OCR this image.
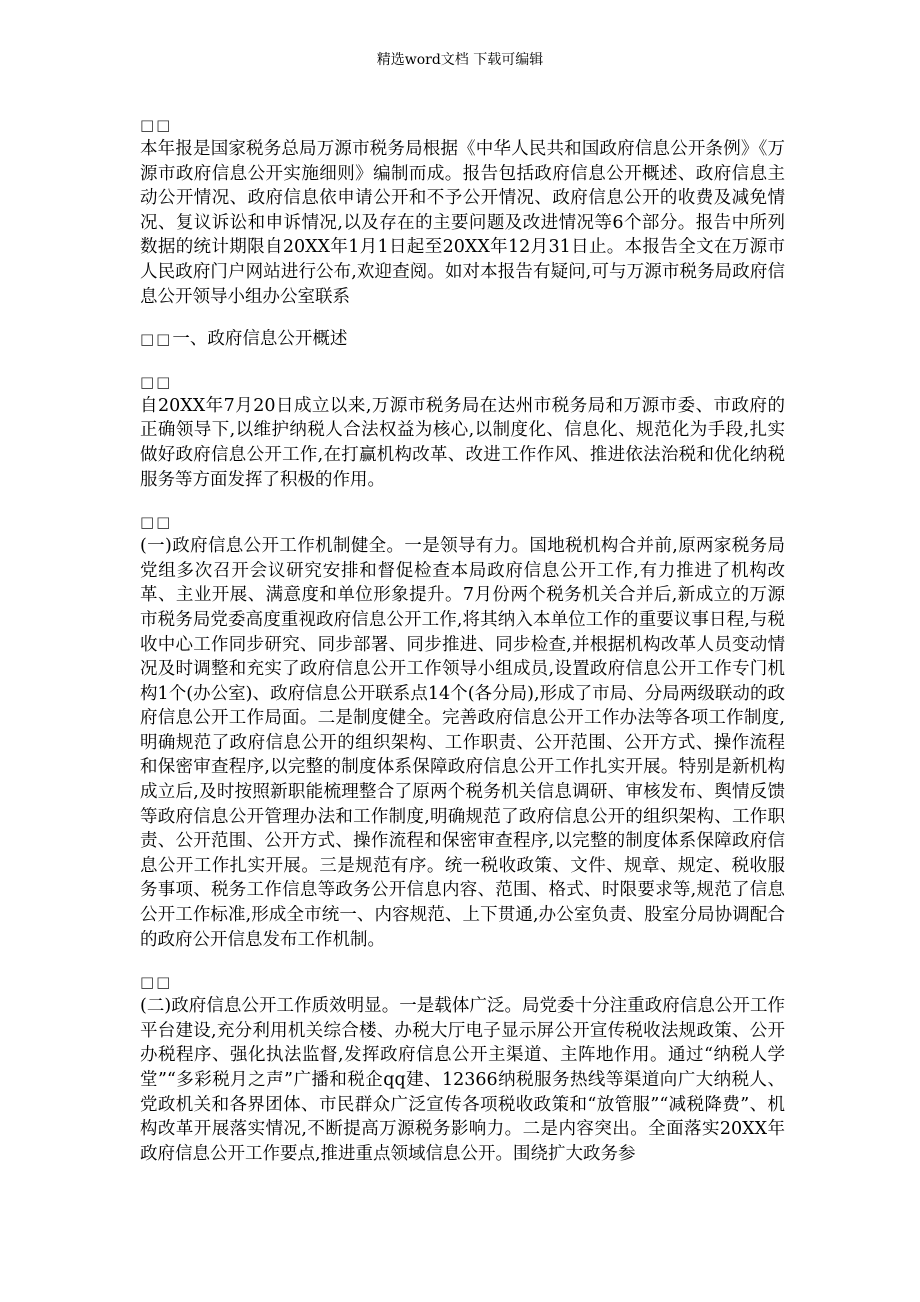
精选word文档 下载可编辑
□□
本年报是国家税务总局万源市税务局根据《中华人民共和国政府信息公开条例》《万源市政府信息公开实施细则》编制而成。报告包括政府信息公开概述、政府信息主动公开情况、政府信息依申请公开和不予公开情况、政府信息公开的收费及减免情况、复议诉讼和申诉情况,以及存在的主要问题及改进情况等6个部分。报告中所列数据的统计期限自20XX年1月1日起至20XX年12月31日止。本报告全文在万源市人民政府门户网站进行公布,欢迎查阅。如对本报告有疑问,可与万源市税务局政府信息公开领导小组办公室联系
□□一、政府信息公开概述
□□
自20XX年7月20日成立以来,万源市税务局在达州市税务局和万源市委、市政府的正确领导下,以维护纳税人合法权益为核心,以制度化、信息化、规范化为手段,扎实做好政府信息公开工作,在打赢机构改革、改进工作作风、推进依法治税和优化纳税服务等方面发挥了积极的作用。
□□
(一)政府信息公开工作机制健全。一是领导有力。国地税机构合并前,原两家税务局党组多次召开会议研究安排和督促检查本局政府信息公开工作,有力推进了机构改革、主业开展、满意度和单位形象提升。7月份两个税务机关合并后,新成立的万源市税务局党委高度重视政府信息公开工作,将其纳入本单位工作的重要议事日程,与税收中心工作同步研究、同步部署、同步推进、同步检查,并根据机构改革人员变动情况及时调整和充实了政府信息公开工作领导小组成员,设置政府信息公开工作专门机构1个(办公室)、政府信息公开联系点14个(各分局),形成了市局、分局两级联动的政府信息公开工作局面。二是制度健全。完善政府信息公开工作办法等各项工作制度,明确规范了政府信息公开的组织架构、工作职责、公开范围、公开方式、操作流程和保密审查程序,以完整的制度体系保障政府信息公开工作扎实开展。特别是新机构成立后,及时按照新职能梳理整合了原两个税务机关信息调研、审核发布、舆情反馈等政府信息公开管理办法和工作制度,明确规范了政府信息公开的组织架构、工作职责、公开范围、公开方式、操作流程和保密审查程序,以完整的制度体系保障政府信息公开工作扎实开展。三是规范有序。统一税收政策、文件、规章、规定、税收服务事项、税务工作信息等政务公开信息内容、范围、格式、时限要求等,规范了信息公开工作标准,形成全市统一、内容规范、上下贯通,办公室负责、股室分局协调配合的政府公开信息发布工作机制。
□□
(二)政府信息公开工作质效明显。一是载体广泛。局党委十分注重政府信息公开工作平台建设,充分利用机关综合楼、办税大厅电子显示屏公开宣传税收法规政策、公开办税程序、强化执法监督,发挥政府信息公开主渠道、主阵地作用。通过“纳税人学堂”“多彩税月之声”广播和税企qq建、12366纳税服务热线等渠道向广大纳税人、党政机关和各界团体、市民群众广泛宣传各项税收政策和“放管服”“减税降费”、机构改革开展落实情况,不断提高万源税务影响力。二是内容突出。全面落实20XX年政府信息公开工作要点,推进重点领域信息公开。围绕扩大政务参
